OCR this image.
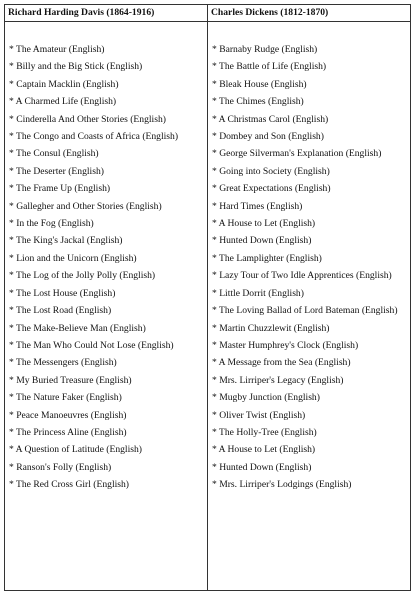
Richard Harding Davis (1864-1916)	Charles Dickens (1812-1870)
* The Amateur (English)
* Billy and the Big Stick (English)
* Captain Macklin (English)
* A Charmed Life (English)
* Cinderella And Other Stories (English)
* The Congo and Coasts of Africa (English)
* The Consul (English)
* The Deserter (English)
* The Frame Up (English)
* Gallegher and Other Stories (English)
* In the Fog (English)
* The King's Jackal (English)
* Lion and the Unicorn (English)
* The Log of the Jolly Polly (English)
* The Lost House (English)
* The Lost Road (English)
* The Make-Believe Man (English)
* The Man Who Could Not Lose (English)
* The Messengers (English)
* My Buried Treasure (English)
* The Nature Faker (English)
* Peace Manoeuvres (English)
* The Princess Aline (English)
* A Question of Latitude (English)
* Ranson's Folly (English)
* The Red Cross Girl (English)
* Barnaby Rudge (English)
* The Battle of Life (English)
* Bleak House (English)
* The Chimes (English)
* A Christmas Carol (English)
* Dombey and Son (English)
* George Silverman's Explanation (English)
* Going into Society (English)
* Great Expectations (English)
* Hard Times (English)
* A House to Let (English)
* Hunted Down (English)
* The Lamplighter (English)
* Lazy Tour of Two Idle Apprentices (English)
* Little Dorrit (English)
* The Loving Ballad of Lord Bateman (English)
* Martin Chuzzlewit (English)
* Master Humphrey's Clock (English)
* A Message from the Sea (English)
* Mrs. Lirriper's Legacy (English)
* Mugby Junction (English)
* Oliver Twist (English)
* The Holly-Tree (English)
* A House to Let (English)
* Hunted Down (English)
* Mrs. Lirriper's Lodgings (English)
